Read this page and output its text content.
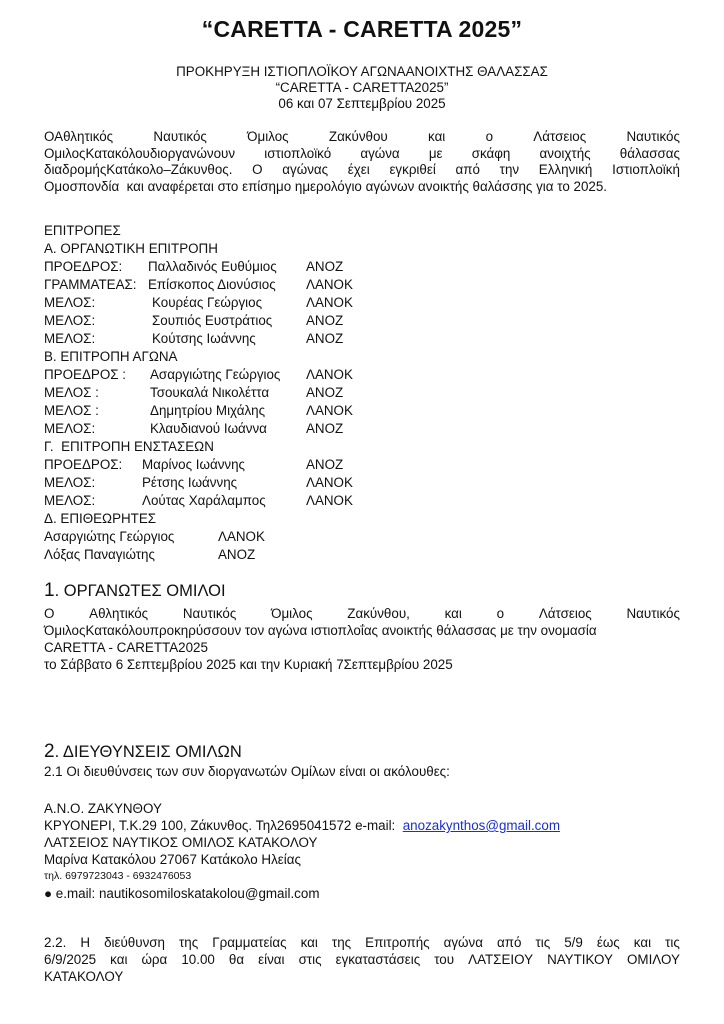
“CARETTA - CARETTA 2025”
ΠΡΟΚΗΡΥΞΗ ΙΣΤΙΟΠΛΟΪΚΟΥ ΑΓΩΝΑΑΝΟΙΧΤΗΣ ΘΑΛΑΣΣΑΣ
“CARETTA - CARETTA2025”
06 και 07 Σεπτεμβρίου 2025
ΟΑθλητικός	Ναυτικός	Όμιλος	Ζακύνθου	και	ο	Λάτσειος	Ναυτικός
ΟμιλοςΚατακόλουδιοργανώνουν ιστιοπλοϊκό αγώνα με σκάφη ανοιχτής θάλασσας
διαδρομήςΚατάκολο–Ζάκυνθος. Ο αγώνας έχει εγκριθεί από την Ελληνική Ιστιοπλοϊκή
Ομοσπονδία  και αναφέρεται στο επίσημο ημερολόγιο αγώνων ανοικτής θαλάσσης για το 2025.
ΕΠΙΤΡΟΠΕΣ
Α. ΟΡΓΑΝΩΤΙΚΗ ΕΠΙΤΡΟΠΗ
ΠΡΟΕΔΡΟΣ: Παλλαδινός Ευθύμιος ΑΝΟΖ
ΓΡΑΜΜΑΤΕΑΣ: Επίσκοπος Διονύσιος ΛΑΝΟΚ
ΜΕΛΟΣ:	Κουρέας Γεώργιος	ΛΑΝΟΚ
ΜΕΛΟΣ:	Σουπιός Ευστράτιος	ΑΝΟΖ
ΜΕΛΟΣ:	Κούτσης Ιωάννης	ΑΝΟΖ
Β. ΕΠΙΤΡΟΠΗ ΑΓΩΝΑ
ΠΡΟΕΔΡΟΣ : Ασαργιώτης Γεώργιος ΛΑΝΟΚ
ΜΕΛΟΣ :	Τσουκαλά Νικολέττα	ΑΝΟΖ
ΜΕΛΟΣ :	Δημητρίου Μιχάλης	ΛΑΝΟΚ
ΜΕΛΟΣ:	Κλαυδιανού Ιωάννα	ΑΝΟΖ
Γ.  ΕΠΙΤΡΟΠΗ ΕΝΣΤΑΣΕΩΝ
ΠΡΟΕΔΡΟΣ: Μαρίνος Ιωάννης	ΑΝΟΖ
ΜΕΛΟΣ:	Ρέτσης Ιωάννης	ΛΑΝΟΚ
ΜΕΛΟΣ:	Λούτας Χαράλαμπος	ΛΑΝΟΚ
Δ. ΕΠΙΘΕΩΡΗΤΕΣ
Ασαργιώτης Γεώργιος	ΛΑΝΟΚ
Λόξας Παναγιώτης	ΑΝΟΖ
1. ΟΡΓΑΝΩΤΕΣ ΟΜΙΛΟΙ
Ο	Αθλητικός	Ναυτικός	Όμιλος	Ζακύνθου,	και	ο	Λάτσειος	Ναυτικός
ΌμιλοςΚατακόλουπροκηρύσσουν τον αγώνα ιστιοπλοΐας ανοικτής θάλασσας με την ονομασία
CARETTA - CARETTA2025
το Σάββατο 6 Σεπτεμβρίου 2025 και την Κυριακή 7Σεπτεμβρίου 2025
2. ΔΙΕΥΘΥΝΣΕΙΣ ΟΜΙΛΩΝ
2.1 Οι διευθύνσεις των συν διοργανωτών Ομίλων είναι οι ακόλουθες:
Α.Ν.Ο. ΖΑΚΥΝΘΟΥ
ΚΡΥΟΝΕΡΙ, Τ.Κ.29 100, Ζάκυνθος. Τηλ2695041572 e-mail:  anozakynthos@gmail.com
ΛΑΤΣΕΙΟΣ ΝΑΥΤΙΚΟΣ ΟΜΙΛΟΣ ΚΑΤΑΚΟΛΟΥ
Μαρίνα Κατακόλου 27067 Κατάκολο Ηλείας
τηλ. 6979723043 - 6932476053
● e.mail: nautikosomiloskatakolou@gmail.com
2.2. Η διεύθυνση της Γραμματείας και της Επιτροπής αγώνα από τις 5/9 έως και τις
6/9/2025 και ώρα 10.00 θα είναι στις εγκαταστάσεις του ΛΑΤΣΕΙΟΥ ΝΑΥΤΙΚΟΥ ΟΜΙΛΟΥ
ΚΑΤΑΚΟΛΟΥ
